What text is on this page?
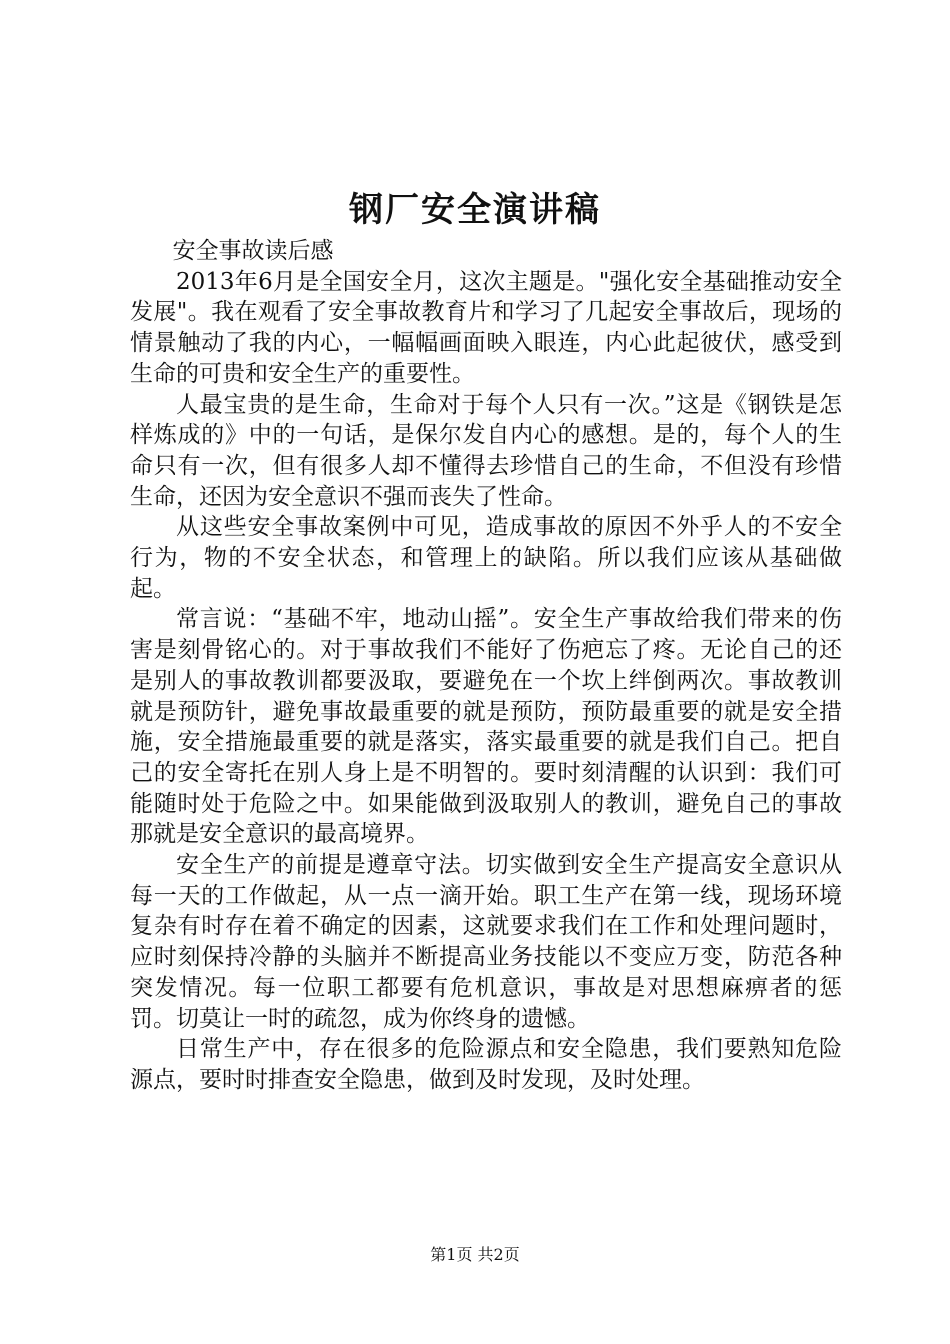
钢厂安全演讲稿

安全事故读后感

2013年6月是全国安全月，这次主题是。"强化安全基础推动安全发展"。我在观看了安全事故教育片和学习了几起安全事故后，现场的情景触动了我的内心，一幅幅画面映入眼连，内心此起彼伏，感受到生命的可贵和安全生产的重要性。

人最宝贵的是生命，生命对于每个人只有一次。”这是《钢铁是怎样炼成的》中的一句话，是保尔发自内心的感想。是的，每个人的生命只有一次，但有很多人却不懂得去珍惜自己的生命，不但没有珍惜生命，还因为安全意识不强而丧失了性命。

从这些安全事故案例中可见，造成事故的原因不外乎人的不安全行为，物的不安全状态，和管理上的缺陷。所以我们应该从基础做起。

常言说：“基础不牢，地动山摇”。安全生产事故给我们带来的伤害是刻骨铭心的。对于事故我们不能好了伤疤忘了疼。无论自己的还是别人的事故教训都要汲取，要避免在一个坎上绊倒两次。事故教训就是预防针，避免事故最重要的就是预防，预防最重要的就是安全措施，安全措施最重要的就是落实，落实最重要的就是我们自己。把自己的安全寄托在别人身上是不明智的。要时刻清醒的认识到：我们可能随时处于危险之中。如果能做到汲取别人的教训，避免自己的事故那就是安全意识的最高境界。

安全生产的前提是遵章守法。切实做到安全生产提高安全意识从每一天的工作做起，从一点一滴开始。职工生产在第一线，现场环境复杂有时存在着不确定的因素，这就要求我们在工作和处理问题时，应时刻保持冷静的头脑并不断提高业务技能以不变应万变，防范各种突发情况。每一位职工都要有危机意识，事故是对思想麻痹者的惩罚。切莫让一时的疏忽，成为你终身的遗憾。

日常生产中，存在很多的危险源点和安全隐患，我们要熟知危险源点，要时时排查安全隐患，做到及时发现，及时处理。

第1页 共2页
